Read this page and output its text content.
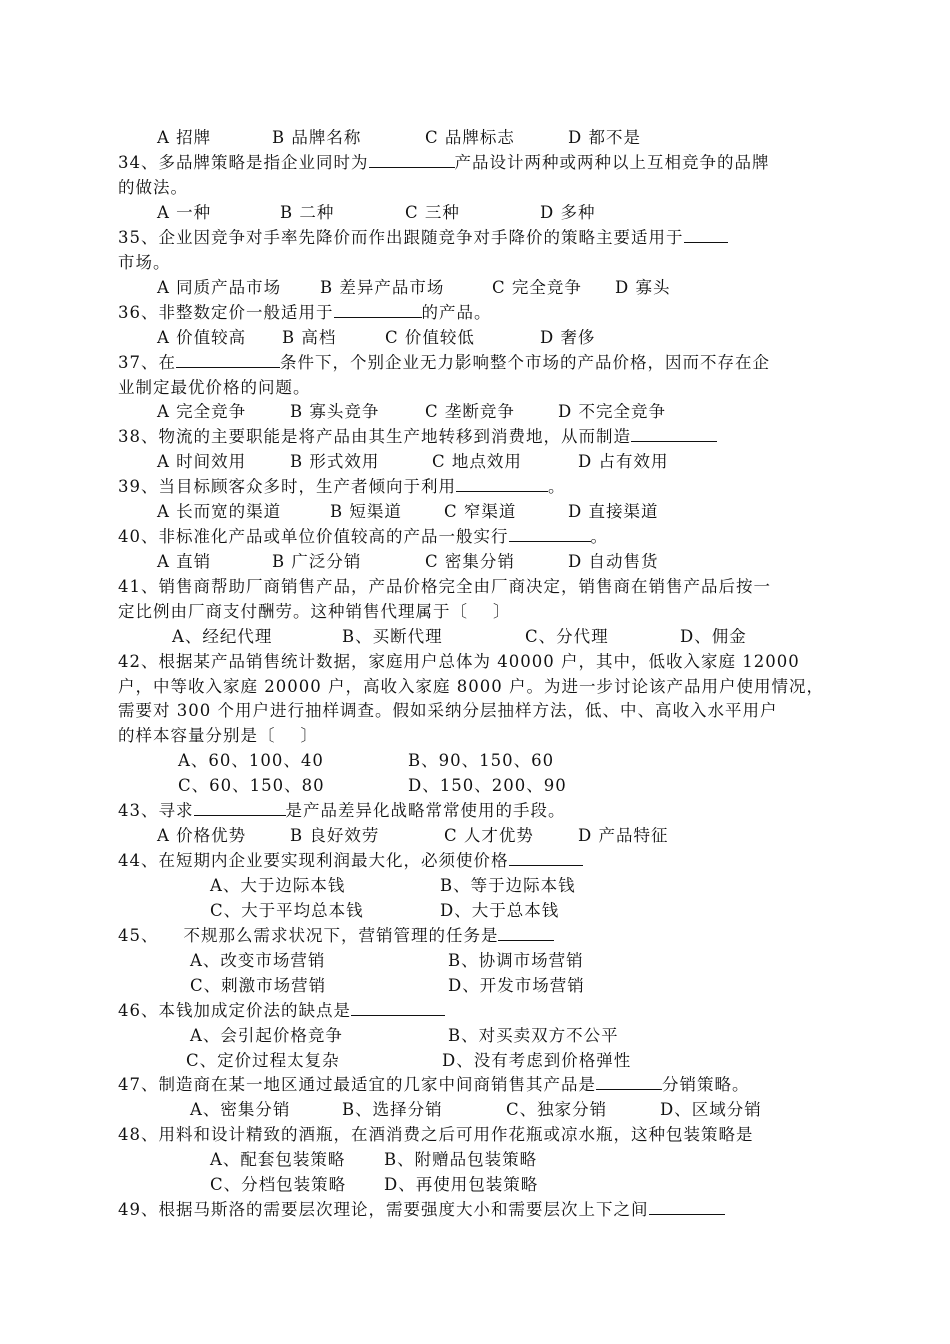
A 招牌	B 品牌名称	C 品牌标志	D 都不是
34、多品牌策略是指企业同时为	产品设计两种或两种以上互相竞争的品牌
的做法。
A 一种	B 二种	C 三种	D 多种
35、企业因竞争对手率先降价而作出跟随竞争对手降价的策略主要适用于
市场。
A 同质产品市场 B 差异产品市场	C 完全竞争 D 寡头
36、非整数定价一般适用于	的产品。
A 价值较高 B 高档	C 价值较低	D 奢侈
37、在	条件下，个别企业无力影响整个市场的产品价格，因而不存在企
业制定最优价格的问题。
A 完全竞争	B 寡头竞争	C 垄断竞争	D 不完全竞争
38、物流的主要职能是将产品由其生产地转移到消费地，从而制造
A 时间效用	B 形式效用	C 地点效用	D 占有效用
39、当目标顾客众多时，生产者倾向于利用	。
A 长而宽的渠道	B 短渠道	C 窄渠道	D 直接渠道
40、非标准化产品或单位价值较高的产品一般实行	。
A 直销	B 广泛分销	C 密集分销	D 自动售货
41、销售商帮助厂商销售产品，产品价格完全由厂商决定，销售商在销售产品后按一
定比例由厂商支付酬劳。这种销售代理属于〔    〕
A、经纪代理	B、买断代理	C、分代理	D、佣金
42、根据某产品销售统计数据，家庭用户总体为 40000 户，其中，低收入家庭 12000
户，中等收入家庭 20000 户，高收入家庭 8000 户。为进一步讨论该产品用户使用情况，
需要对 300 个用户进行抽样调查。假如采纳分层抽样方法，低、中、高收入水平用户
的样本容量分别是〔    〕
A、60、100、40	B、90、150、60
C、60、150、80	D、150、200、90
43、寻求	是产品差异化战略常常使用的手段。
A 价格优势	B 良好效劳	C 人才优势	D 产品特征
44、在短期内企业要实现利润最大化，必须使价格
A、大于边际本钱	B、等于边际本钱
C、大于平均总本钱	D、大于总本钱
45、    不规那么需求状况下，营销管理的任务是
A、改变市场营销	B、协调市场营销
C、刺激市场营销	D、开发市场营销
46、本钱加成定价法的缺点是
A、会引起价格竞争	B、对买卖双方不公平
C、定价过程太复杂	D、没有考虑到价格弹性
47、制造商在某一地区通过最适宜的几家中间商销售其产品是	分销策略。
A、密集分销	B、选择分销	C、独家分销	D、区域分销
48、用料和设计精致的酒瓶，在酒消费之后可用作花瓶或凉水瓶，这种包装策略是
A、配套包装策略 B、附赠品包装策略
C、分档包装策略 D、再使用包装策略
49、根据马斯洛的需要层次理论，需要强度大小和需要层次上下之间
